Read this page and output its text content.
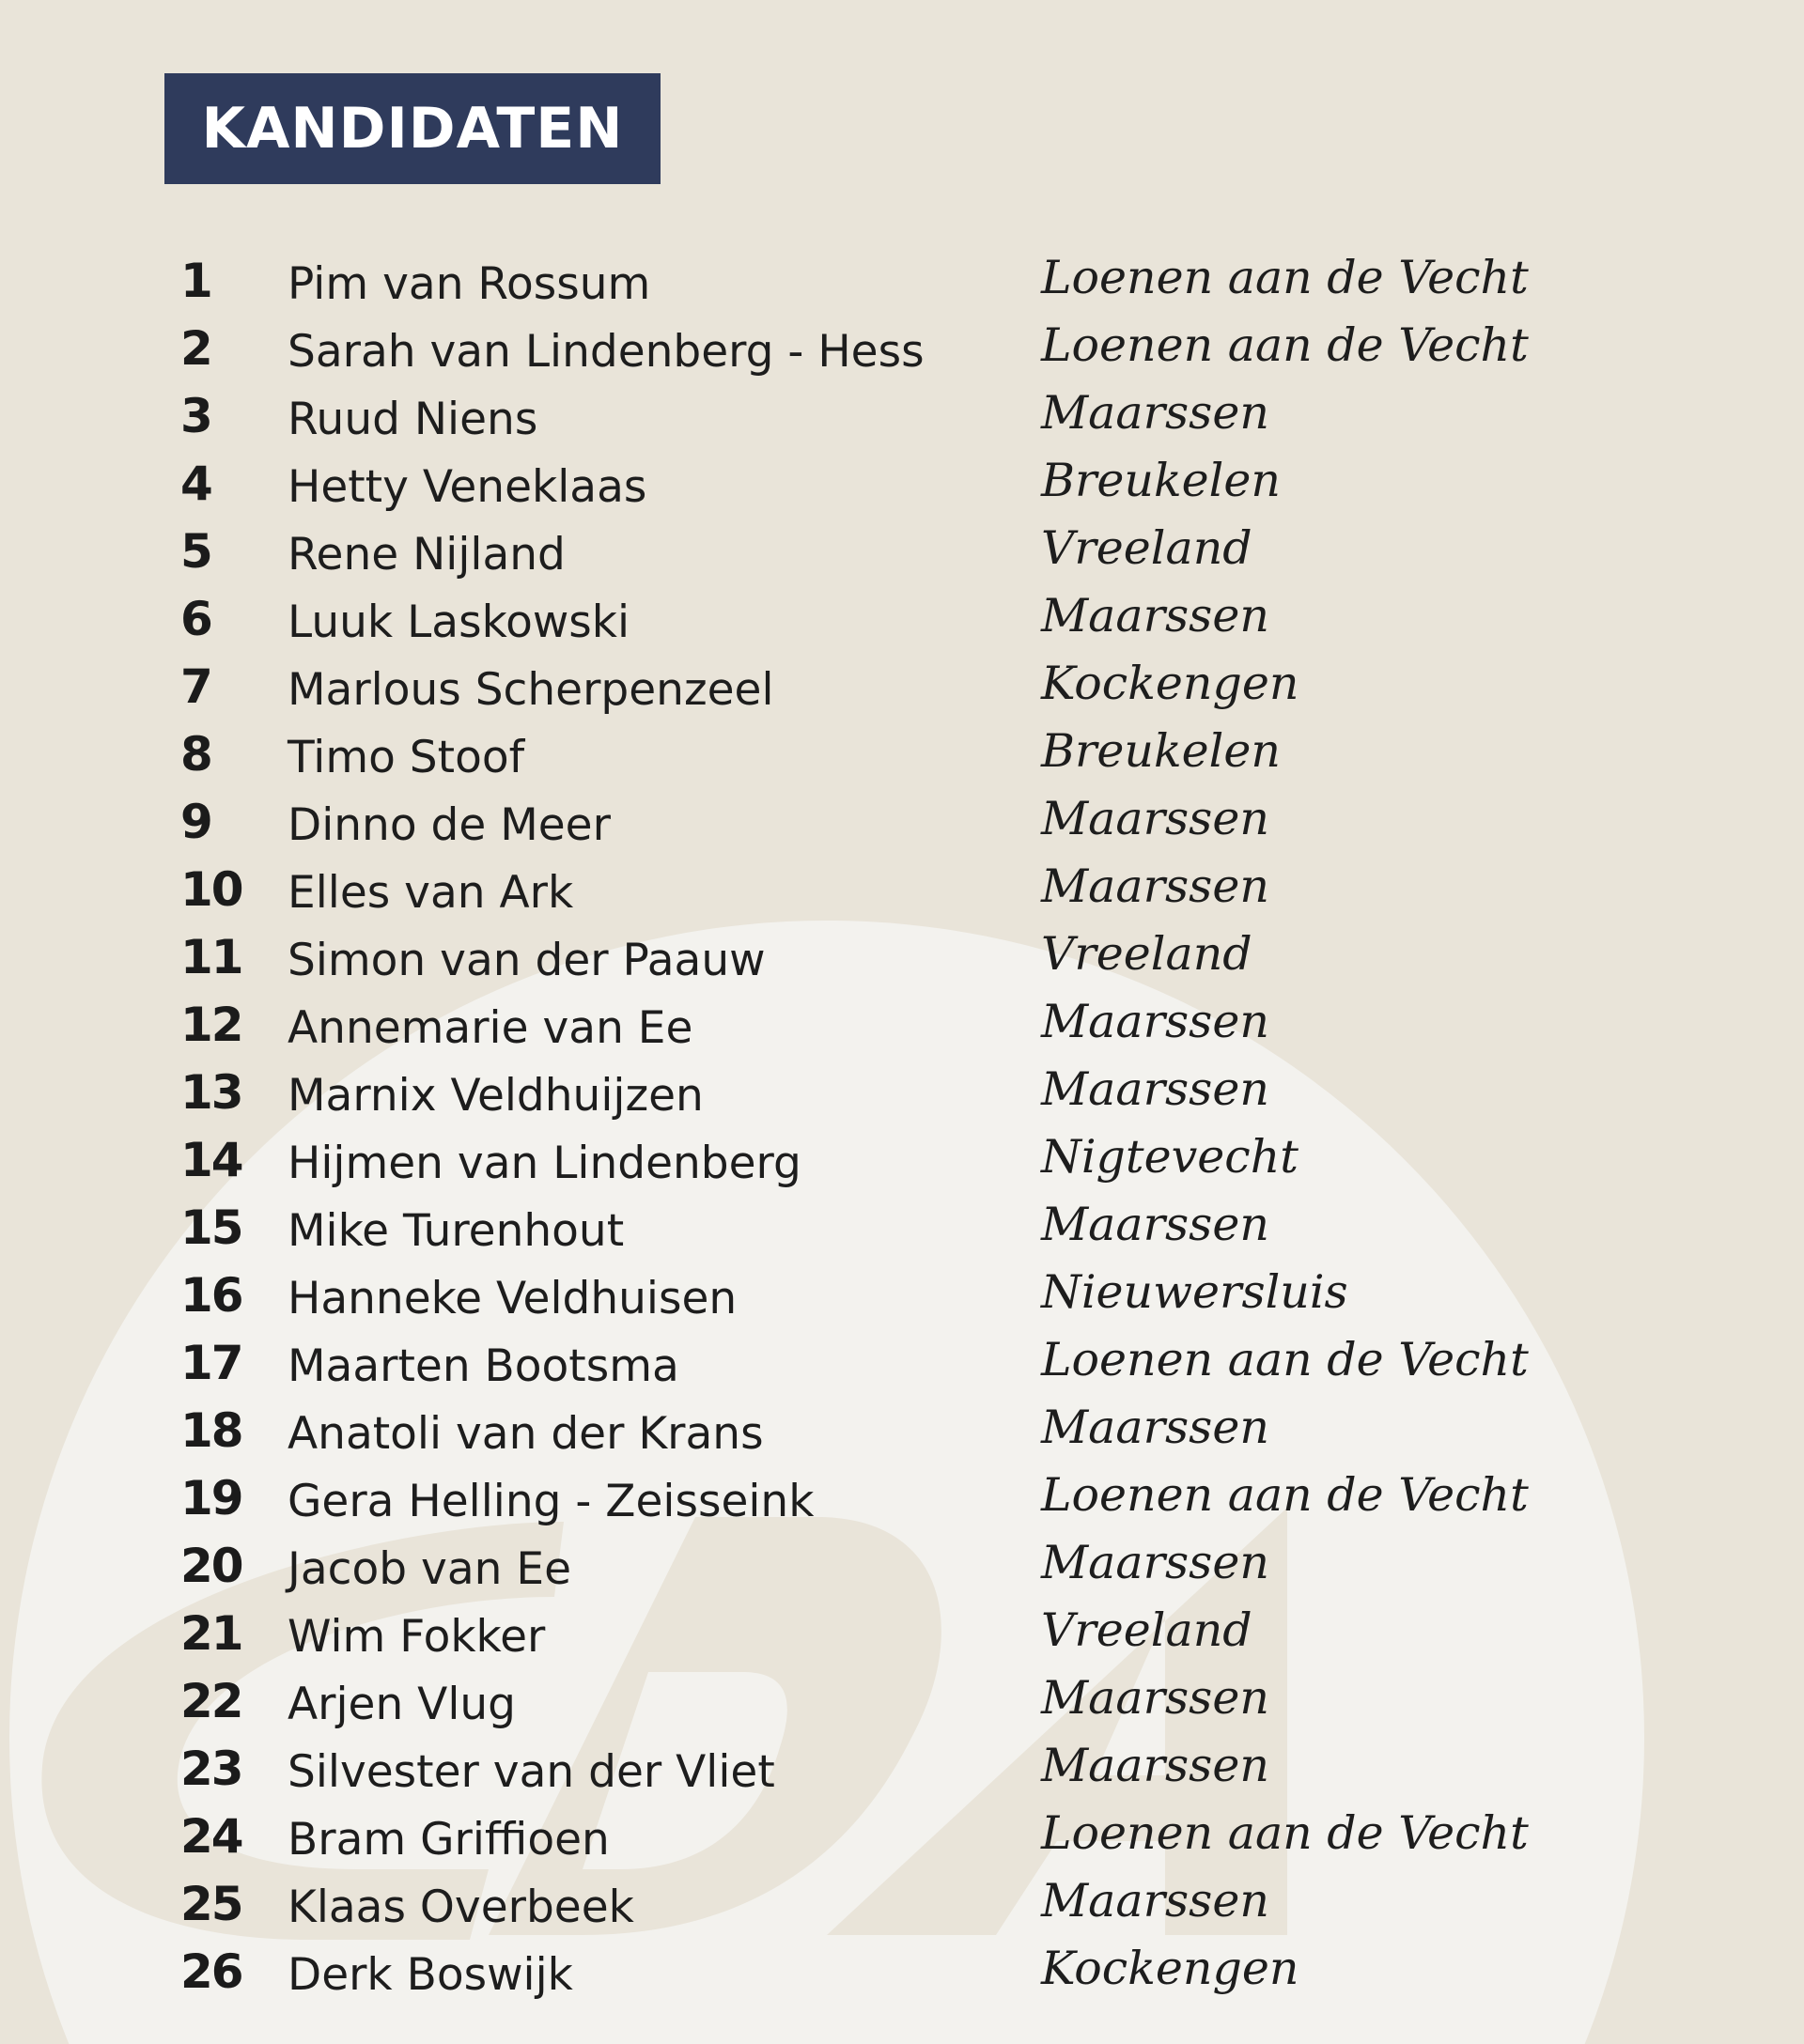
KANDIDATEN
1	Pim van Rossum	Loenen aan de Vecht
2	Sarah van Lindenberg - Hess	Loenen aan de Vecht
3	Ruud Niens	Maarssen
4	Hetty Veneklaas	Breukelen
5	Rene Nijland	Vreeland
6	Luuk Laskowski	Maarssen
7	Marlous Scherpenzeel	Kockengen
8	Timo Stoof	Breukelen
9	Dinno de Meer	Maarssen
10	Elles van Ark	Maarssen
11	Simon van der Paauw	Vreeland
12	Annemarie van Ee	Maarssen
13	Marnix Veldhuijzen	Maarssen
14	Hijmen van Lindenberg	Nigtevecht
15	Mike Turenhout	Maarssen
16	Hanneke Veldhuisen	Nieuwersluis
17	Maarten Bootsma	Loenen aan de Vecht
18	Anatoli van der Krans	Maarssen
19	Gera Helling - Zeisseink	Loenen aan de Vecht
20	Jacob van Ee	Maarssen
21	Wim Fokker	Vreeland
22	Arjen Vlug	Maarssen
23	Silvester van der Vliet	Maarssen
24	Bram Griffioen	Loenen aan de Vecht
25	Klaas Overbeek	Maarssen
26	Derk Boswijk	Kockengen
